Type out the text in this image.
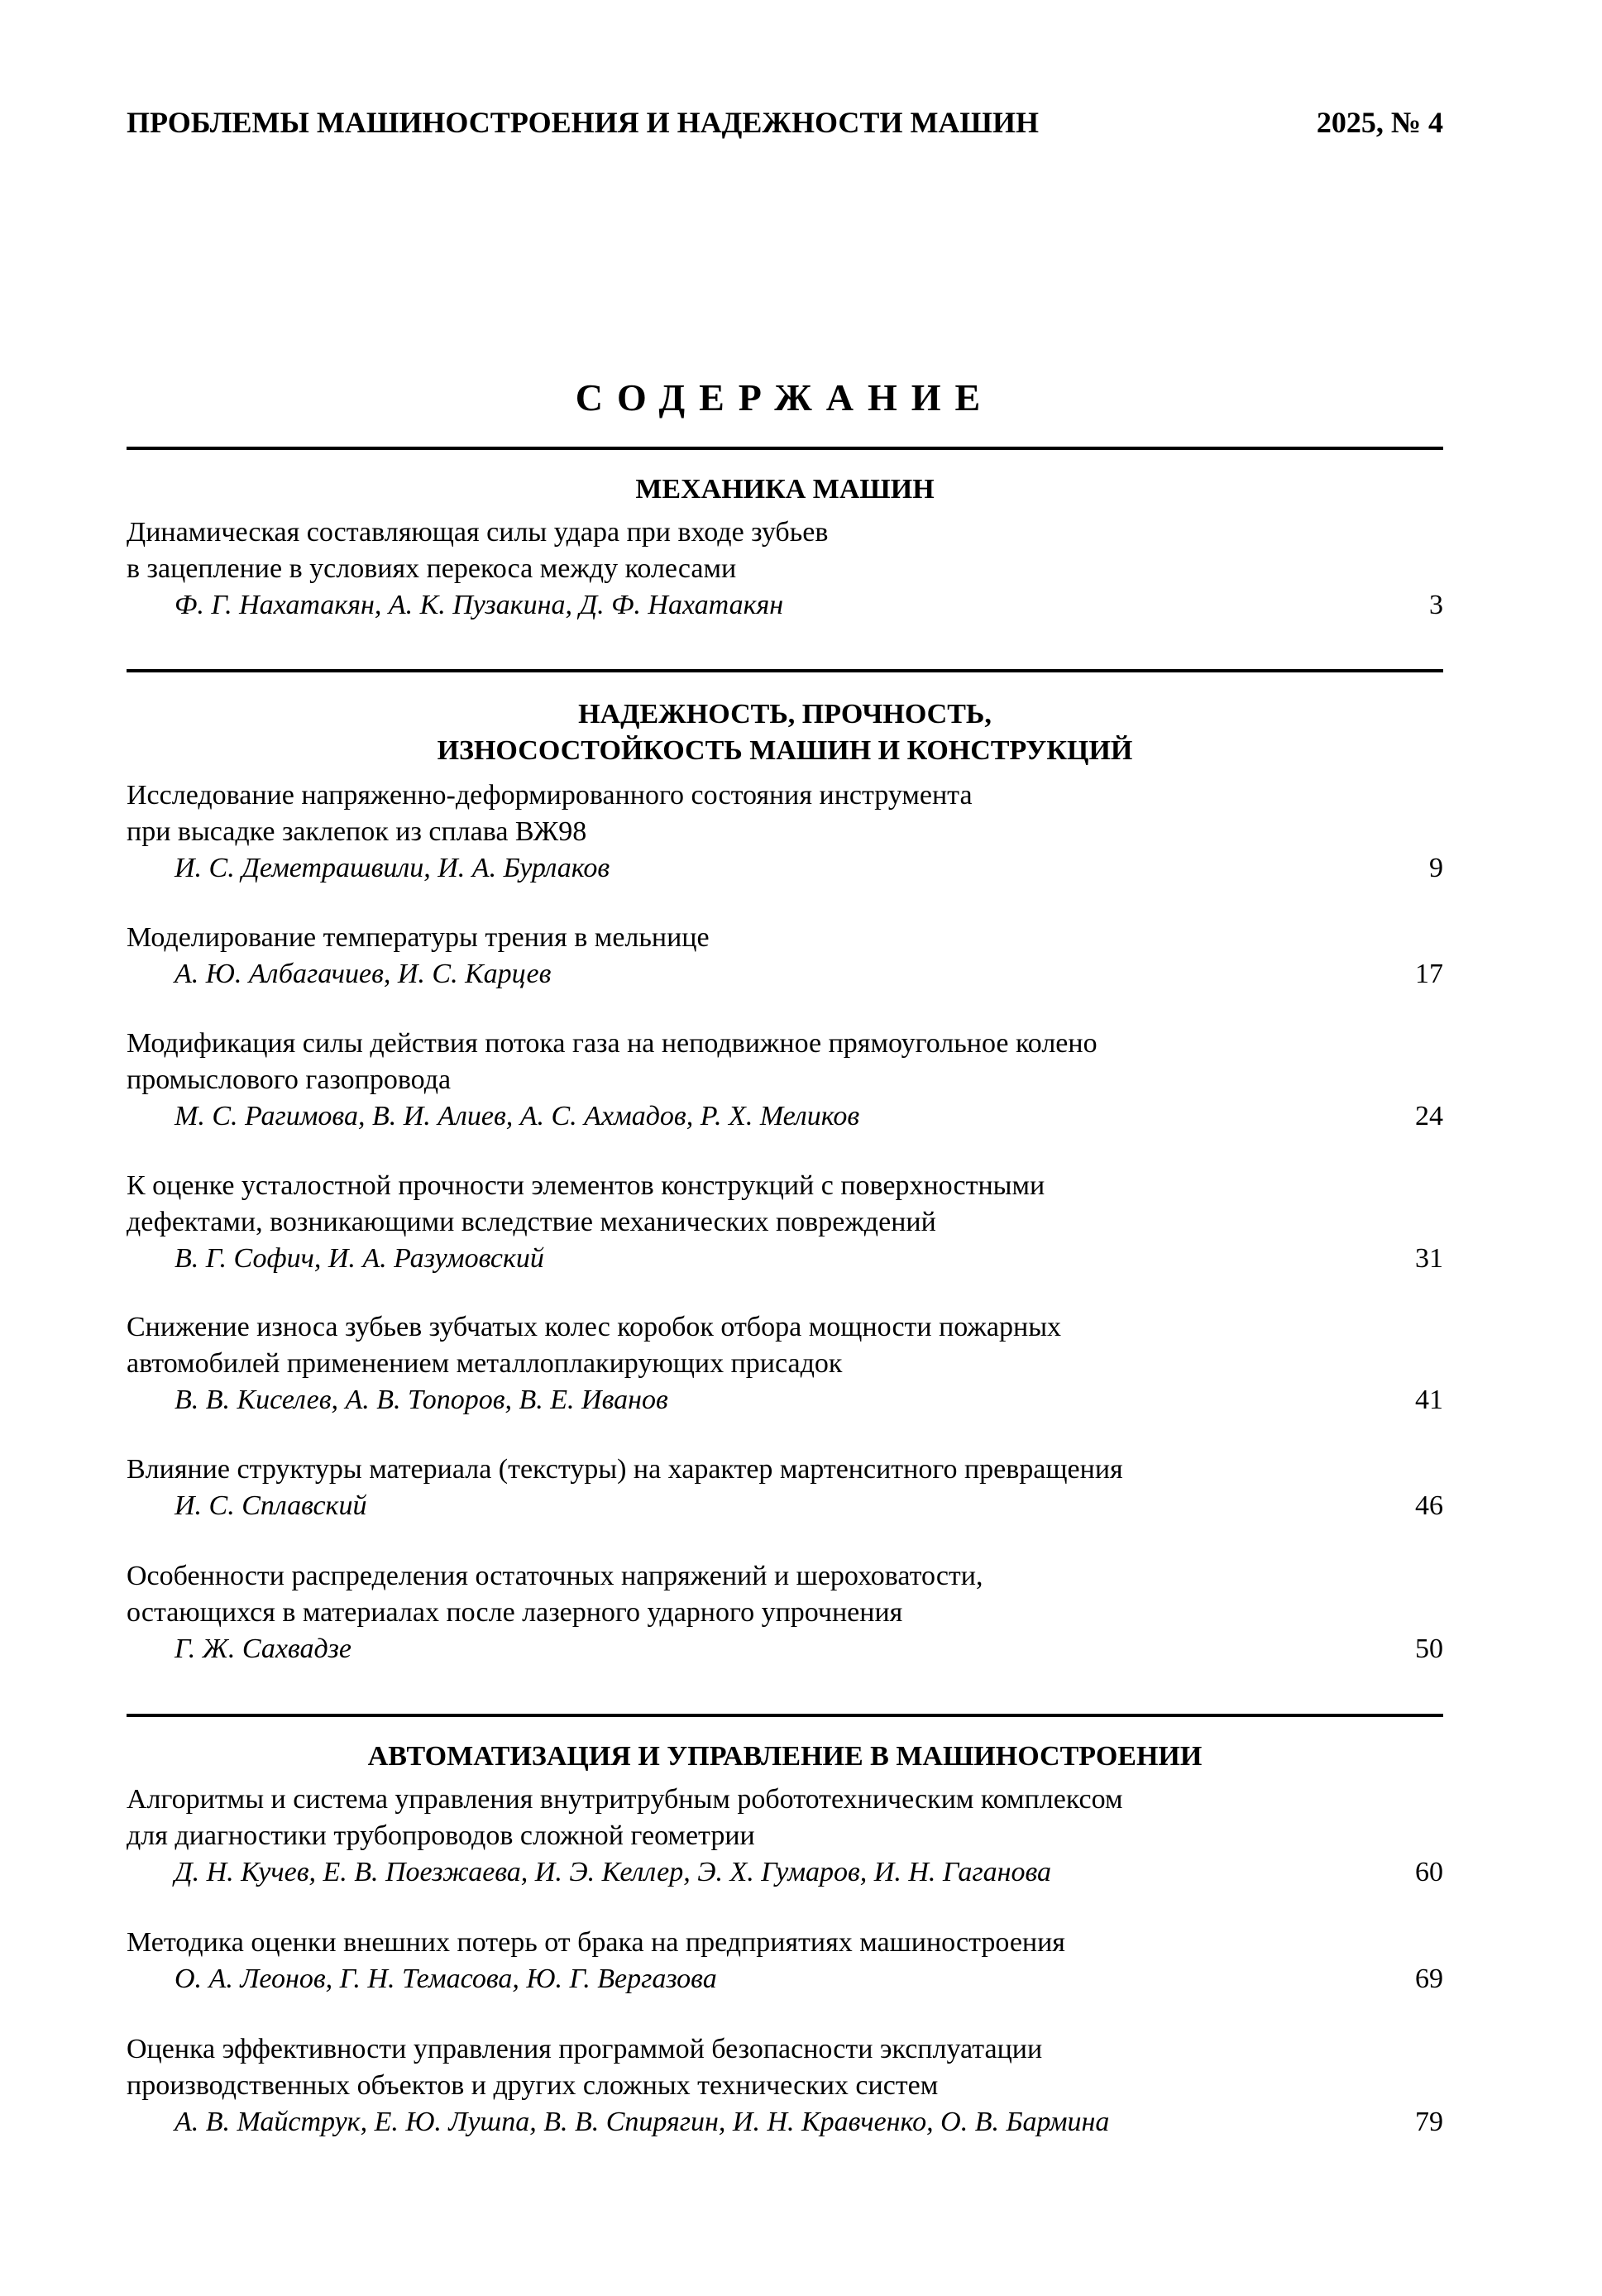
ПРОБЛЕМЫ МАШИНОСТРОЕНИЯ И НАДЕЖНОСТИ МАШИН	2025, № 4
СОДЕРЖАНИЕ
МЕХАНИКА МАШИН
Динамическая составляющая силы удара при входе зубьев
в зацепление в условиях перекоса между колесами
Ф. Г. Нахатакян, А. К. Пузакина, Д. Ф. Нахатакян	3
НАДЕЖНОСТЬ, ПРОЧНОСТЬ,
ИЗНОСОСТОЙКОСТЬ МАШИН И КОНСТРУКЦИЙ
Исследование напряженно-деформированного состояния инструмента
при высадке заклепок из сплава ВЖ98
И. С. Деметрашвили, И. А. Бурлаков	9
Моделирование температуры трения в мельнице
А. Ю. Албагачиев, И. С. Карцев	17
Модификация силы действия потока газа на неподвижное прямоугольное колено
промыслового газопровода
М. С. Рагимова, В. И. Алиев, А. С. Ахмадов, Р. Х. Меликов	24
К оценке усталостной прочности элементов конструкций с поверхностными
дефектами, возникающими вследствие механических повреждений
В. Г. Софич, И. А. Разумовский	31
Снижение износа зубьев зубчатых колес коробок отбора мощности пожарных
автомобилей применением металлоплакирующих присадок
В. В. Киселев, А. В. Топоров, В. Е. Иванов	41
Влияние структуры материала (текстуры) на характер мартенситного превращения
И. С. Сплавский	46
Особенности распределения остаточных напряжений и шероховатости,
остающихся в материалах после лазерного ударного упрочнения
Г. Ж. Сахвадзе	50
АВТОМАТИЗАЦИЯ И УПРАВЛЕНИЕ В МАШИНОСТРОЕНИИ
Алгоритмы и система управления внутритрубным робототехническим комплексом
для диагностики трубопроводов сложной геометрии
Д. Н. Кучев, Е. В. Поезжаева, И. Э. Келлер, Э. Х. Гумаров, И. Н. Гаганова	60
Методика оценки внешних потерь от брака на предприятиях машиностроения
О. А. Леонов, Г. Н. Темасова, Ю. Г. Вергазова	69
Оценка эффективности управления программой безопасности эксплуатации
производственных объектов и других сложных технических систем
А. В. Майструк, Е. Ю. Лушпа, В. В. Спирягин, И. Н. Кравченко, О. В. Бармина	79
